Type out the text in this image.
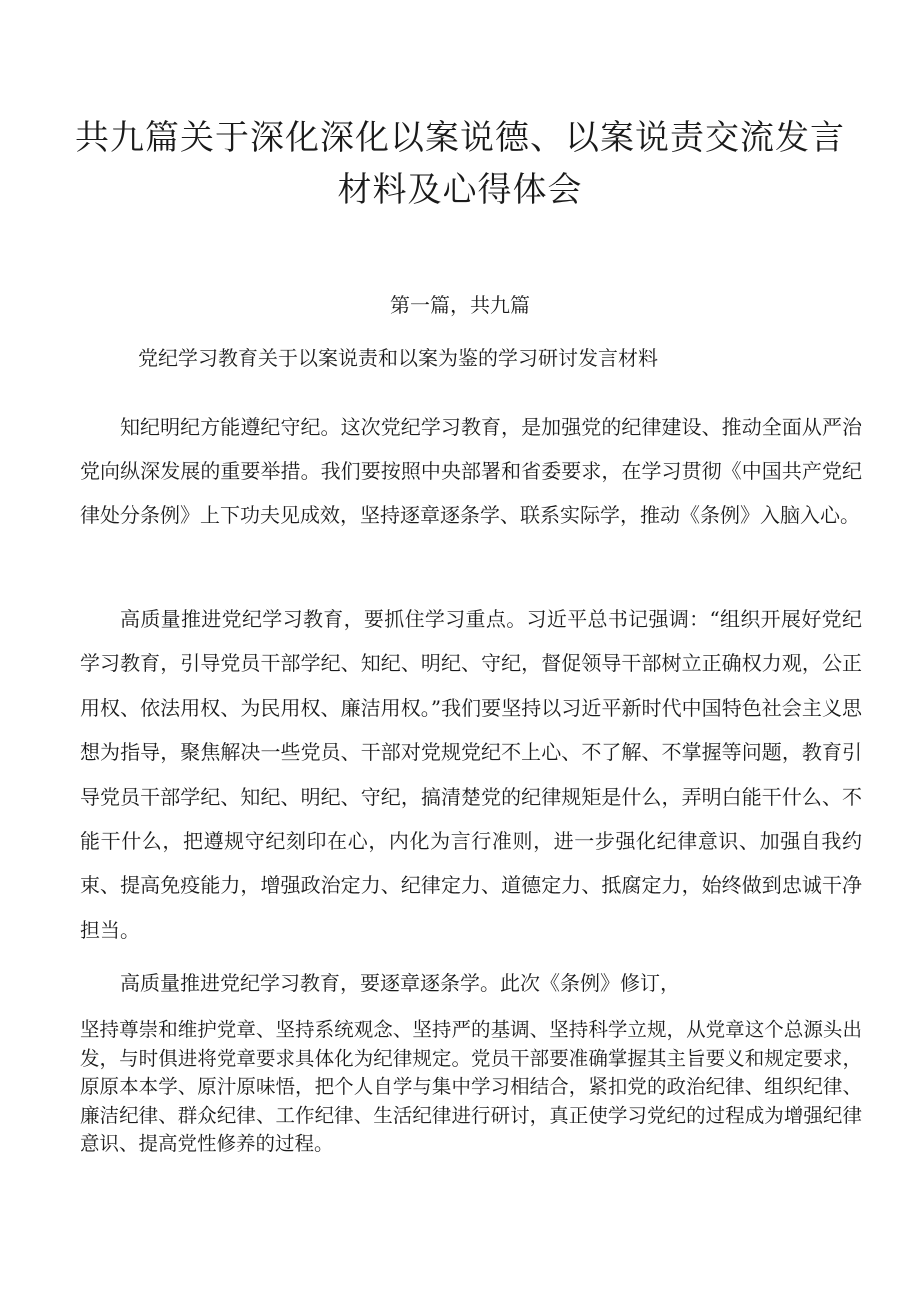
共九篇关于深化深化以案说德、以案说责交流发言材料及心得体会

第一篇，共九篇

党纪学习教育关于以案说责和以案为鉴的学习研讨发言材料

知纪明纪方能遵纪守纪。这次党纪学习教育，是加强党的纪律建设、推动全面从严治党向纵深发展的重要举措。我们要按照中央部署和省委要求，在学习贯彻《中国共产党纪律处分条例》上下功夫见成效，坚持逐章逐条学、联系实际学，推动《条例》入脑入心。

高质量推进党纪学习教育，要抓住学习重点。习近平总书记强调：“组织开展好党纪学习教育，引导党员干部学纪、知纪、明纪、守纪，督促领导干部树立正确权力观，公正用权、依法用权、为民用权、廉洁用权。”我们要坚持以习近平新时代中国特色社会主义思想为指导，聚焦解决一些党员、干部对党规党纪不上心、不了解、不掌握等问题，教育引导党员干部学纪、知纪、明纪、守纪，搞清楚党的纪律规矩是什么，弄明白能干什么、不能干什么，把遵规守纪刻印在心，内化为言行准则，进一步强化纪律意识、加强自我约束、提高免疫能力，增强政治定力、纪律定力、道德定力、抵腐定力，始终做到忠诚干净担当。

高质量推进党纪学习教育，要逐章逐条学。此次《条例》修订，

坚持尊崇和维护党章、坚持系统观念、坚持严的基调、坚持科学立规，从党章这个总源头出发，与时俱进将党章要求具体化为纪律规定。党员干部要准确掌握其主旨要义和规定要求，原原本本学、原汁原味悟，把个人自学与集中学习相结合，紧扣党的政治纪律、组织纪律、廉洁纪律、群众纪律、工作纪律、生活纪律进行研讨，真正使学习党纪的过程成为增强纪律意识、提高党性修养的过程。
